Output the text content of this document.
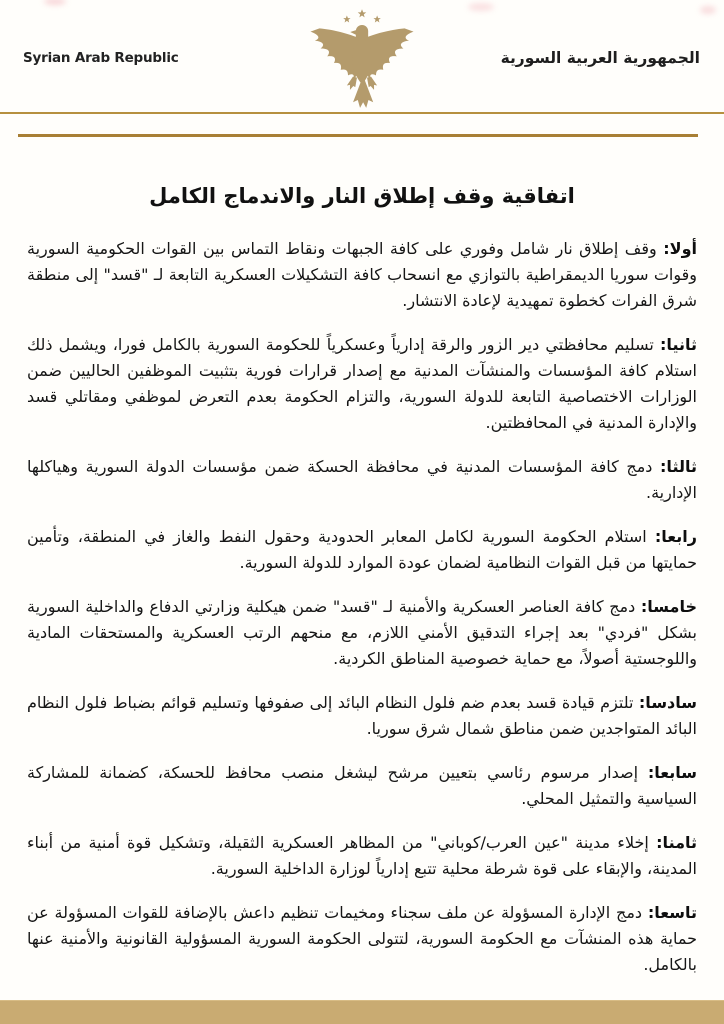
Syrian Arab Republic	الجمهورية العربية السورية
اتفاقية وقف إطلاق النار والاندماج الكامل

أولا: وقف إطلاق نار شامل وفوري على كافة الجبهات ونقاط التماس بين القوات الحكومية السورية وقوات سوريا الديمقراطية بالتوازي مع انسحاب كافة التشكيلات العسكرية التابعة لـ "قسد" إلى منطقة شرق الفرات كخطوة تمهيدية لإعادة الانتشار.

ثانيا: تسليم محافظتي دير الزور والرقة إدارياً وعسكرياً للحكومة السورية بالكامل فورا، ويشمل ذلك استلام كافة المؤسسات والمنشآت المدنية مع إصدار قرارات فورية بتثبيت الموظفين الحاليين ضمن الوزارات الاختصاصية التابعة للدولة السورية، والتزام الحكومة بعدم التعرض لموظفي ومقاتلي قسد والإدارة المدنية في المحافظتين.

ثالثا: دمج كافة المؤسسات المدنية في محافظة الحسكة ضمن مؤسسات الدولة السورية وهياكلها الإدارية.

رابعا: استلام الحكومة السورية لكامل المعابر الحدودية وحقول النفط والغاز في المنطقة، وتأمين حمايتها من قبل القوات النظامية لضمان عودة الموارد للدولة السورية.

خامسا: دمج كافة العناصر العسكرية والأمنية لـ "قسد" ضمن هيكلية وزارتي الدفاع والداخلية السورية بشكل "فردي" بعد إجراء التدقيق الأمني اللازم، مع منحهم الرتب العسكرية والمستحقات المادية واللوجستية أصولاً، مع حماية خصوصية المناطق الكردية.

سادسا: تلتزم قيادة قسد بعدم ضم فلول النظام البائد إلى صفوفها وتسليم قوائم بضباط فلول النظام البائد المتواجدين ضمن مناطق شمال شرق سوريا.

سابعا: إصدار مرسوم رئاسي بتعيين مرشح ليشغل منصب محافظ للحسكة، كضمانة للمشاركة السياسية والتمثيل المحلي.

ثامنا: إخلاء مدينة "عين العرب/كوباني" من المظاهر العسكرية الثقيلة، وتشكيل قوة أمنية من أبناء المدينة، والإبقاء على قوة شرطة محلية تتبع إدارياً لوزارة الداخلية السورية.

تاسعا: دمج الإدارة المسؤولة عن ملف سجناء ومخيمات تنظيم داعش بالإضافة للقوات المسؤولة عن حماية هذه المنشآت مع الحكومة السورية، لتتولى الحكومة السورية المسؤولية القانونية والأمنية عنها بالكامل.
